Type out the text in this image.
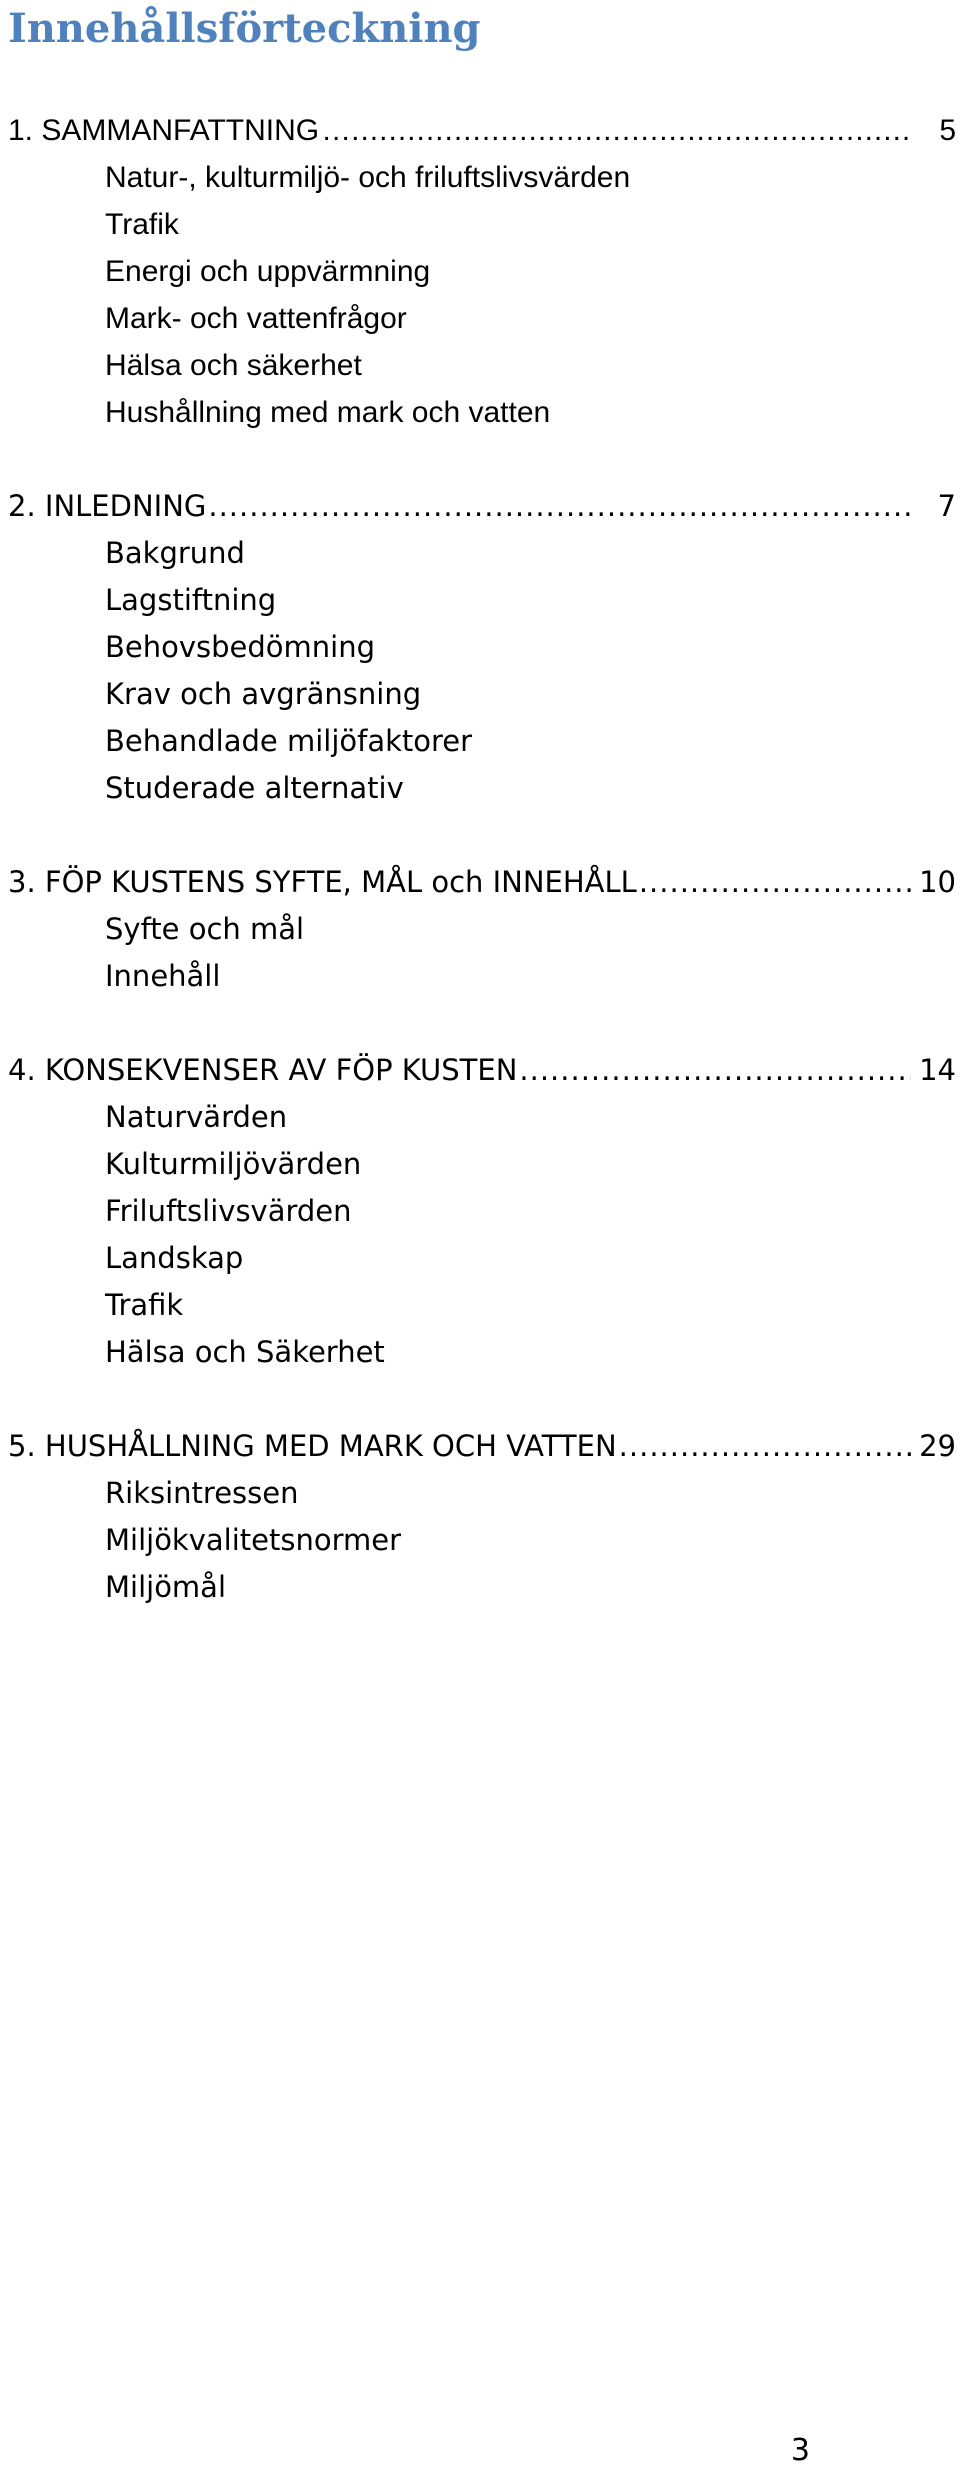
Innehållsförteckning
1. SAMMANFATTNING … .....	5
Natur-, kulturmiljö- och friluftslivsvärden
Trafik
Energi och uppvärmning
Mark- och vattenfrågor
Hälsa och säkerhet
Hushållning med mark och vatten
2. INLEDNING .....	7
Bakgrund
Lagstiftning
Behovsbedömning
Krav och avgränsning
Behandlade miljöfaktorer
Studerade alternativ
3. FÖP KUSTENS SYFTE, MÅL och INNEHÅLL .....	10
Syfte och mål
Innehåll
4. KONSEKVENSER AV FÖP KUSTEN .....	14
Naturvärden
Kulturmiljövärden
Friluftslivsvärden
Landskap
Trafik
Hälsa och Säkerhet
5. HUSHÅLLNING MED MARK OCH VATTEN .....	29
Riksintressen
Miljökvalitetsnormer
Miljömål
3
